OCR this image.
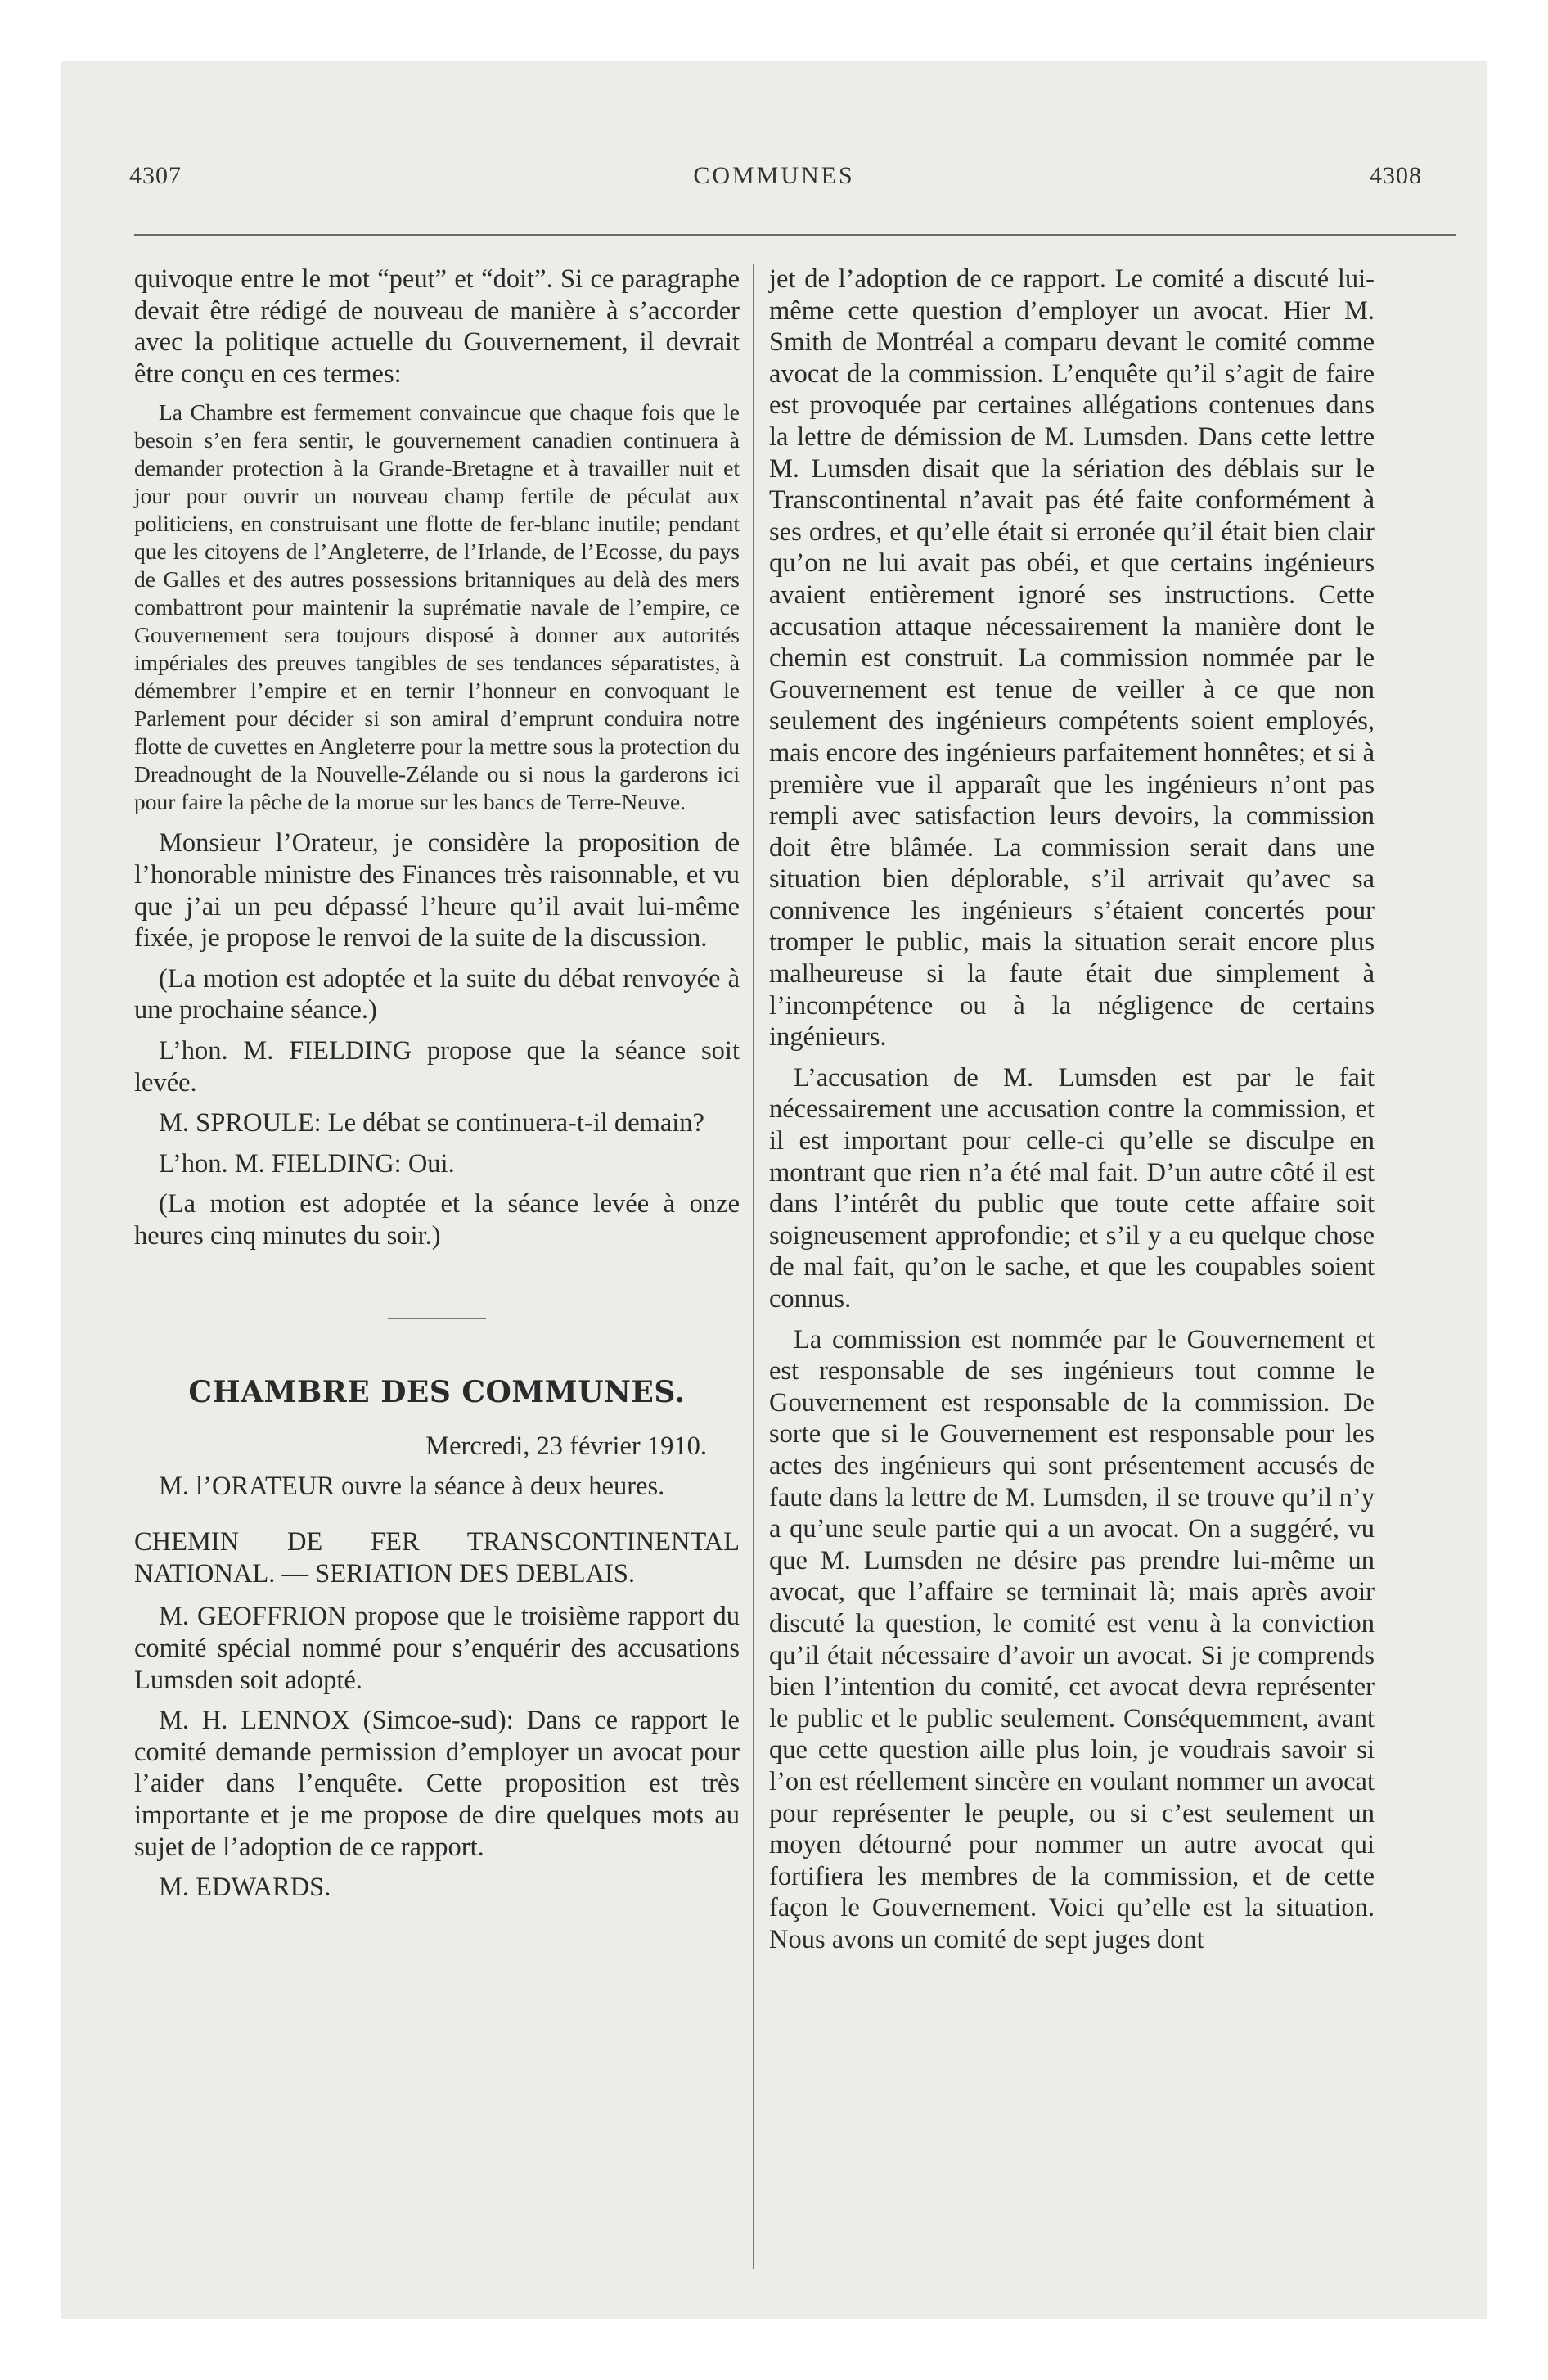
4307	COMMUNES	4308

quivoque entre le mot “peut” et “doit”. Si ce paragraphe devait être rédigé de nouveau de manière à s’accorder avec la politique actuelle du Gouvernement, il devrait être conçu en ces termes:

La Chambre est fermement convaincue que chaque fois que le besoin s’en fera sentir, le gouvernement canadien continuera à demander protection à la Grande-Bretagne et à travailler nuit et jour pour ouvrir un nouveau champ fertile de péculat aux politiciens, en construisant une flotte de fer-blanc inutile; pendant que les citoyens de l’Angleterre, de l’Irlande, de l’Ecosse, du pays de Galles et des autres possessions britanniques au delà des mers combattront pour maintenir la suprématie navale de l’empire, ce Gouvernement sera toujours disposé à donner aux autorités impériales des preuves tangibles de ses tendances séparatistes, à démembrer l’empire et en ternir l’honneur en convoquant le Parlement pour décider si son amiral d’emprunt conduira notre flotte de cuvettes en Angleterre pour la mettre sous la protection du Dreadnought de la Nouvelle-Zélande ou si nous la garderons ici pour faire la pêche de la morue sur les bancs de Terre-Neuve.

Monsieur l’Orateur, je considère la proposition de l’honorable ministre des Finances très raisonnable, et vu que j’ai un peu dépassé l’heure qu’il avait lui-même fixée, je propose le renvoi de la suite de la discussion.

(La motion est adoptée et la suite du débat renvoyée à une prochaine séance.)

L’hon. M. FIELDING propose que la séance soit levée.

M. SPROULE: Le débat se continuera-t-il demain?

L’hon. M. FIELDING: Oui.

(La motion est adoptée et la séance levée à onze heures cinq minutes du soir.)

CHAMBRE DES COMMUNES.

Mercredi, 23 février 1910.

M. l’ORATEUR ouvre la séance à deux heures.

CHEMIN DE FER TRANSCONTINENTAL NATIONAL. — SERIATION DES DEBLAIS.

M. GEOFFRION propose que le troisième rapport du comité spécial nommé pour s’enquérir des accusations Lumsden soit adopté.

M. H. LENNOX (Simcoe-sud): Dans ce rapport le comité demande permission d’employer un avocat pour l’aider dans l’enquête. Cette proposition est très importante et je me propose de dire quelques mots au sujet de l’adoption de ce rapport.

M. EDWARDS.

jet de l’adoption de ce rapport. Le comité a discuté lui-même cette question d’employer un avocat. Hier M. Smith de Montréal a comparu devant le comité comme avocat de la commission. L’enquête qu’il s’agit de faire est provoquée par certaines allégations contenues dans la lettre de démission de M. Lumsden. Dans cette lettre M. Lumsden disait que la sériation des déblais sur le Transcontinental n’avait pas été faite conformément à ses ordres, et qu’elle était si erronée qu’il était bien clair qu’on ne lui avait pas obéi, et que certains ingénieurs avaient entièrement ignoré ses instructions. Cette accusation attaque nécessairement la manière dont le chemin est construit. La commission nommée par le Gouvernement est tenue de veiller à ce que non seulement des ingénieurs compétents soient employés, mais encore des ingénieurs parfaitement honnêtes; et si à première vue il apparaît que les ingénieurs n’ont pas rempli avec satisfaction leurs devoirs, la commission doit être blâmée. La commission serait dans une situation bien déplorable, s’il arrivait qu’avec sa connivence les ingénieurs s’étaient concertés pour tromper le public, mais la situation serait encore plus malheureuse si la faute était due simplement à l’incompétence ou à la négligence de certains ingénieurs.

L’accusation de M. Lumsden est par le fait nécessairement une accusation contre la commission, et il est important pour celle-ci qu’elle se disculpe en montrant que rien n’a été mal fait. D’un autre côté il est dans l’intérêt du public que toute cette affaire soit soigneusement approfondie; et s’il y a eu quelque chose de mal fait, qu’on le sache, et que les coupables soient connus.

La commission est nommée par le Gouvernement et est responsable de ses ingénieurs tout comme le Gouvernement est responsable de la commission. De sorte que si le Gouvernement est responsable pour les actes des ingénieurs qui sont présentement accusés de faute dans la lettre de M. Lumsden, il se trouve qu’il n’y a qu’une seule partie qui a un avocat. On a suggéré, vu que M. Lumsden ne désire pas prendre lui-même un avocat, que l’affaire se terminait là; mais après avoir discuté la question, le comité est venu à la conviction qu’il était nécessaire d’avoir un avocat. Si je comprends bien l’intention du comité, cet avocat devra représenter le public et le public seulement. Conséquemment, avant que cette question aille plus loin, je voudrais savoir si l’on est réellement sincère en voulant nommer un avocat pour représenter le peuple, ou si c’est seulement un moyen détourné pour nommer un autre avocat qui fortifiera les membres de la commission, et de cette façon le Gouvernement. Voici qu’elle est la situation. Nous avons un comité de sept juges dont
